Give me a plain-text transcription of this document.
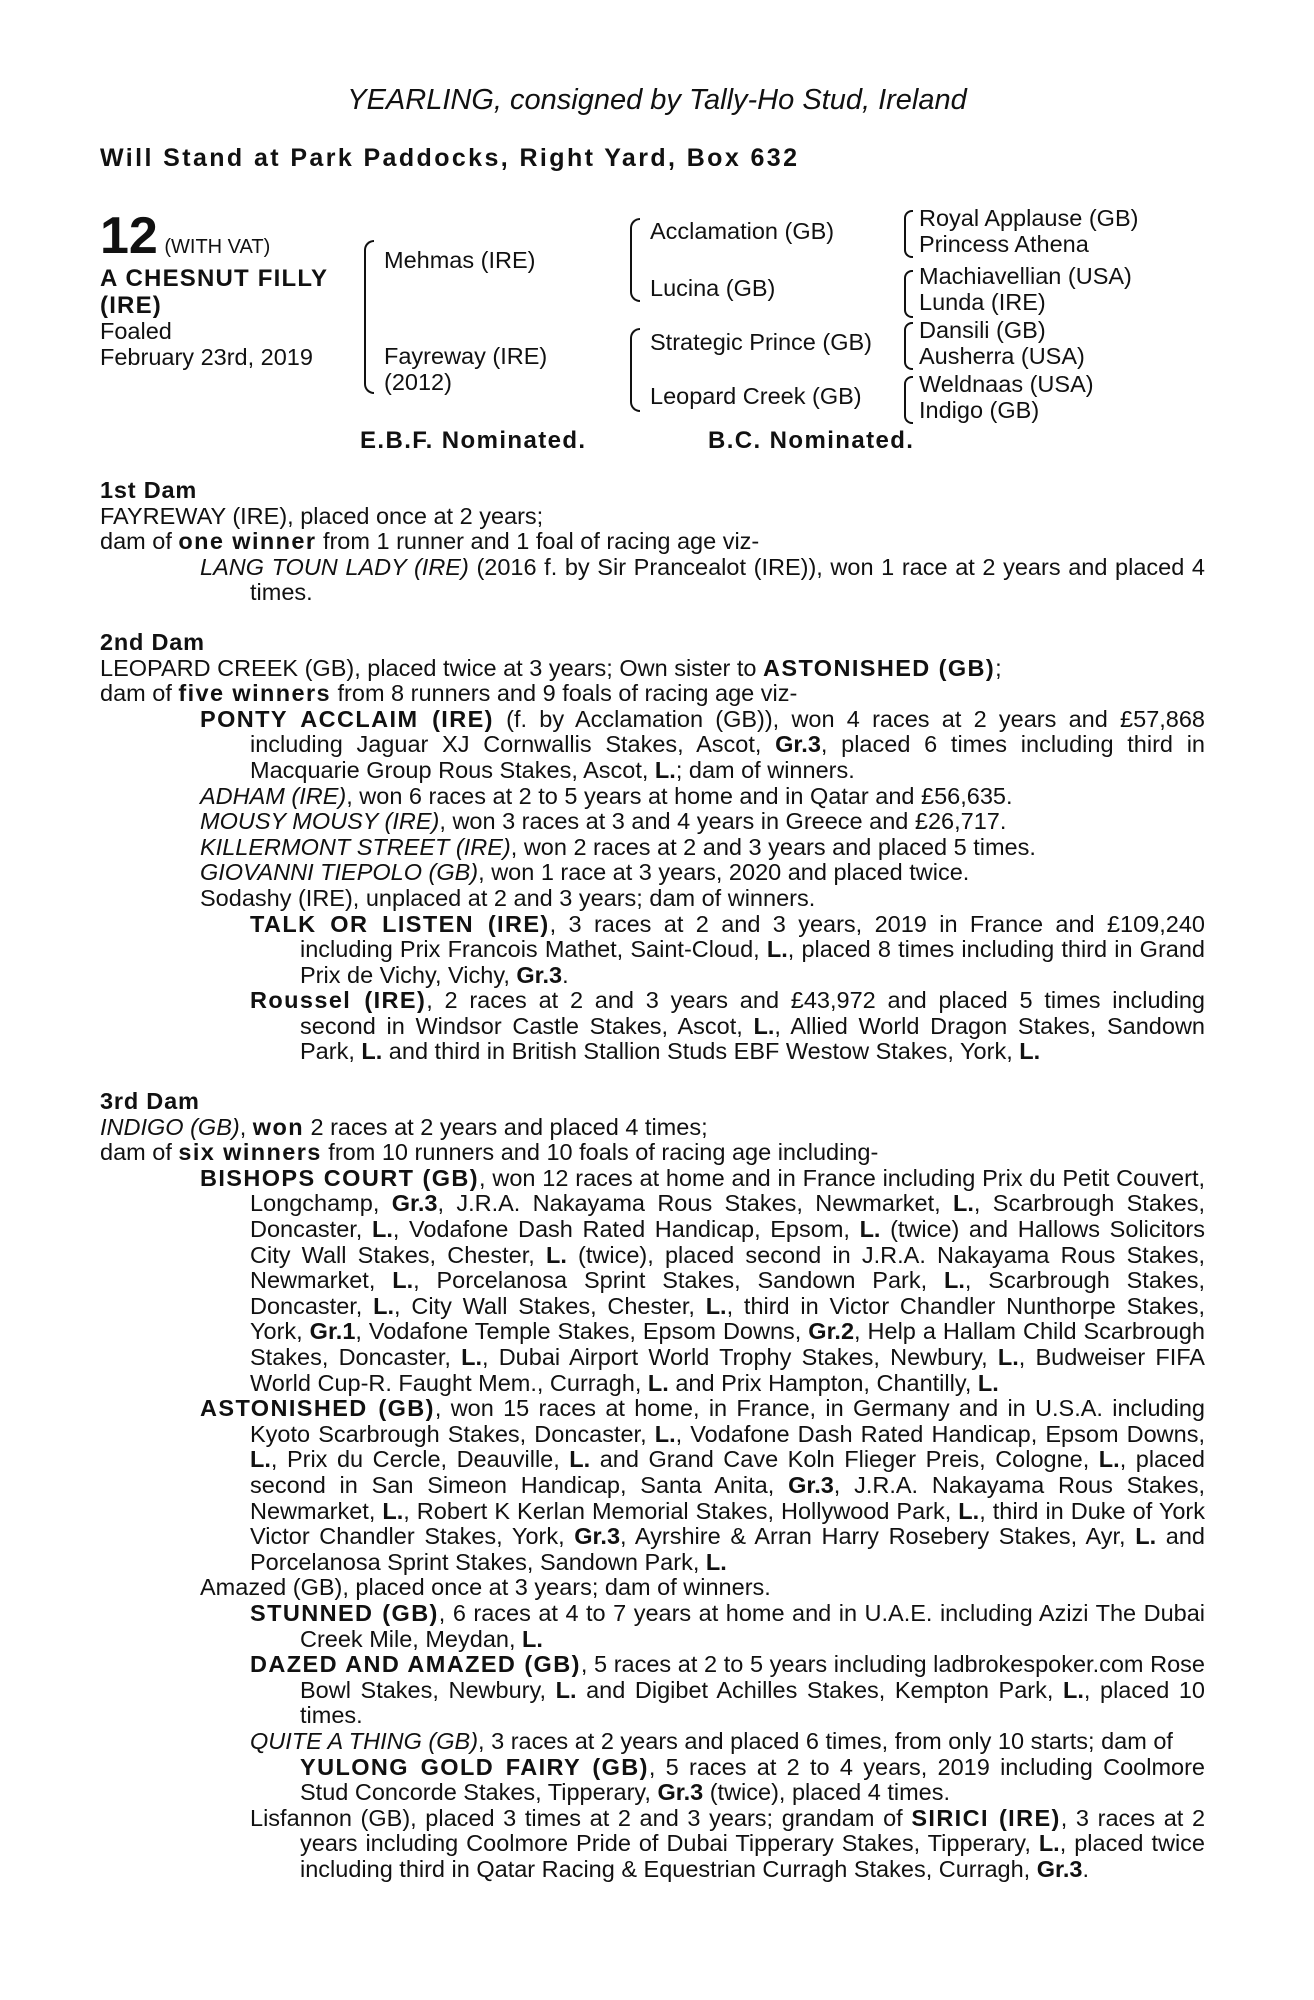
YEARLING, consigned by Tally-Ho Stud, Ireland
Will Stand at Park Paddocks, Right Yard, Box 632
12 (WITH VAT)
A CHESNUT FILLY
(IRE)
Foaled
February 23rd, 2019
Mehmas (IRE)
Fayreway (IRE)
(2012)
Acclamation (GB)
Lucina (GB)
Strategic Prince (GB)
Leopard Creek (GB)
Royal Applause (GB)
Princess Athena
Machiavellian (USA)
Lunda (IRE)
Dansili (GB)
Ausherra (USA)
Weldnaas (USA)
Indigo (GB)
E.B.F. Nominated.	B.C. Nominated.
1st Dam

FAYREWAY (IRE), placed once at 2 years;

dam of one winner from 1 runner and 1 foal of racing age viz-

LANG TOUN LADY (IRE) (2016 f. by Sir Prancealot (IRE)), won 1 race at 2 years and placed 4 times.

2nd Dam

LEOPARD CREEK (GB), placed twice at 3 years; Own sister to ASTONISHED (GB);

dam of five winners from 8 runners and 9 foals of racing age viz-

PONTY ACCLAIM (IRE) (f. by Acclamation (GB)), won 4 races at 2 years and £57,868 including Jaguar XJ Cornwallis Stakes, Ascot, Gr.3, placed 6 times including third in Macquarie Group Rous Stakes, Ascot, L.; dam of winners.

ADHAM (IRE), won 6 races at 2 to 5 years at home and in Qatar and £56,635.

MOUSY MOUSY (IRE), won 3 races at 3 and 4 years in Greece and £26,717.

KILLERMONT STREET (IRE), won 2 races at 2 and 3 years and placed 5 times.

GIOVANNI TIEPOLO (GB), won 1 race at 3 years, 2020 and placed twice.

Sodashy (IRE), unplaced at 2 and 3 years; dam of winners.

TALK OR LISTEN (IRE), 3 races at 2 and 3 years, 2019 in France and £109,240 including Prix Francois Mathet, Saint-Cloud, L., placed 8 times including third in Grand Prix de Vichy, Vichy, Gr.3.

Roussel (IRE), 2 races at 2 and 3 years and £43,972 and placed 5 times including second in Windsor Castle Stakes, Ascot, L., Allied World Dragon Stakes, Sandown Park, L. and third in British Stallion Studs EBF Westow Stakes, York, L.

3rd Dam

INDIGO (GB), won 2 races at 2 years and placed 4 times;

dam of six winners from 10 runners and 10 foals of racing age including-

BISHOPS COURT (GB), won 12 races at home and in France including Prix du Petit Couvert, Longchamp, Gr.3, J.R.A. Nakayama Rous Stakes, Newmarket, L., Scarbrough Stakes, Doncaster, L., Vodafone Dash Rated Handicap, Epsom, L. (twice) and Hallows Solicitors City Wall Stakes, Chester, L. (twice), placed second in J.R.A. Nakayama Rous Stakes, Newmarket, L., Porcelanosa Sprint Stakes, Sandown Park, L., Scarbrough Stakes, Doncaster, L., City Wall Stakes, Chester, L., third in Victor Chandler Nunthorpe Stakes, York, Gr.1, Vodafone Temple Stakes, Epsom Downs, Gr.2, Help a Hallam Child Scarbrough Stakes, Doncaster, L., Dubai Airport World Trophy Stakes, Newbury, L., Budweiser FIFA World Cup-R. Faught Mem., Curragh, L. and Prix Hampton, Chantilly, L.

ASTONISHED (GB), won 15 races at home, in France, in Germany and in U.S.A. including Kyoto Scarbrough Stakes, Doncaster, L., Vodafone Dash Rated Handicap, Epsom Downs, L., Prix du Cercle, Deauville, L. and Grand Cave Koln Flieger Preis, Cologne, L., placed second in San Simeon Handicap, Santa Anita, Gr.3, J.R.A. Nakayama Rous Stakes, Newmarket, L., Robert K Kerlan Memorial Stakes, Hollywood Park, L., third in Duke of York Victor Chandler Stakes, York, Gr.3, Ayrshire & Arran Harry Rosebery Stakes, Ayr, L. and Porcelanosa Sprint Stakes, Sandown Park, L.

Amazed (GB), placed once at 3 years; dam of winners.

STUNNED (GB), 6 races at 4 to 7 years at home and in U.A.E. including Azizi The Dubai Creek Mile, Meydan, L.

DAZED AND AMAZED (GB), 5 races at 2 to 5 years including ladbrokespoker.com Rose Bowl Stakes, Newbury, L. and Digibet Achilles Stakes, Kempton Park, L., placed 10 times.

QUITE A THING (GB), 3 races at 2 years and placed 6 times, from only 10 starts; dam of

YULONG GOLD FAIRY (GB), 5 races at 2 to 4 years, 2019 including Coolmore Stud Concorde Stakes, Tipperary, Gr.3 (twice), placed 4 times.

Lisfannon (GB), placed 3 times at 2 and 3 years; grandam of SIRICI (IRE), 3 races at 2 years including Coolmore Pride of Dubai Tipperary Stakes, Tipperary, L., placed twice including third in Qatar Racing & Equestrian Curragh Stakes, Curragh, Gr.3.
